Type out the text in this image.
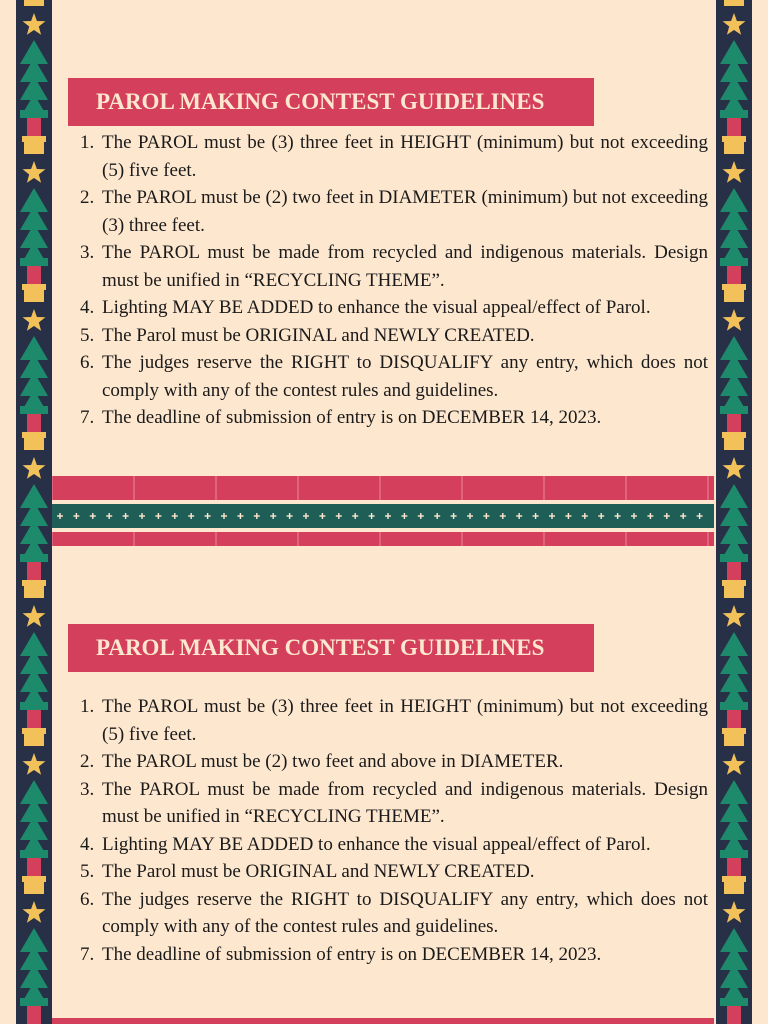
PAROL MAKING CONTEST GUIDELINES
The PAROL must be (3) three feet in HEIGHT (minimum) but not exceeding (5) five feet.
The PAROL must be (2) two feet in DIAMETER (minimum) but not exceeding (3) three feet.
The PAROL must be made from recycled and indigenous materials. Design must be unified in “RECYCLING THEME”.
Lighting MAY BE ADDED to enhance the visual appeal/effect of Parol.
The Parol must be ORIGINAL and NEWLY CREATED.
The judges reserve the RIGHT to DISQUALIFY any entry, which does not comply with any of the contest rules and guidelines.
The deadline of submission of entry is on DECEMBER 14, 2023.
PAROL MAKING CONTEST GUIDELINES
The PAROL must be (3) three feet in HEIGHT (minimum) but not exceeding (5) five feet.
The PAROL must be (2) two feet and above in DIAMETER.
The PAROL must be made from recycled and indigenous materials. Design must be unified in “RECYCLING THEME”.
Lighting MAY BE ADDED to enhance the visual appeal/effect of Parol.
The Parol must be ORIGINAL and NEWLY CREATED.
The judges reserve the RIGHT to DISQUALIFY any entry, which does not comply with any of the contest rules and guidelines.
The deadline of submission of entry is on DECEMBER 14, 2023.
